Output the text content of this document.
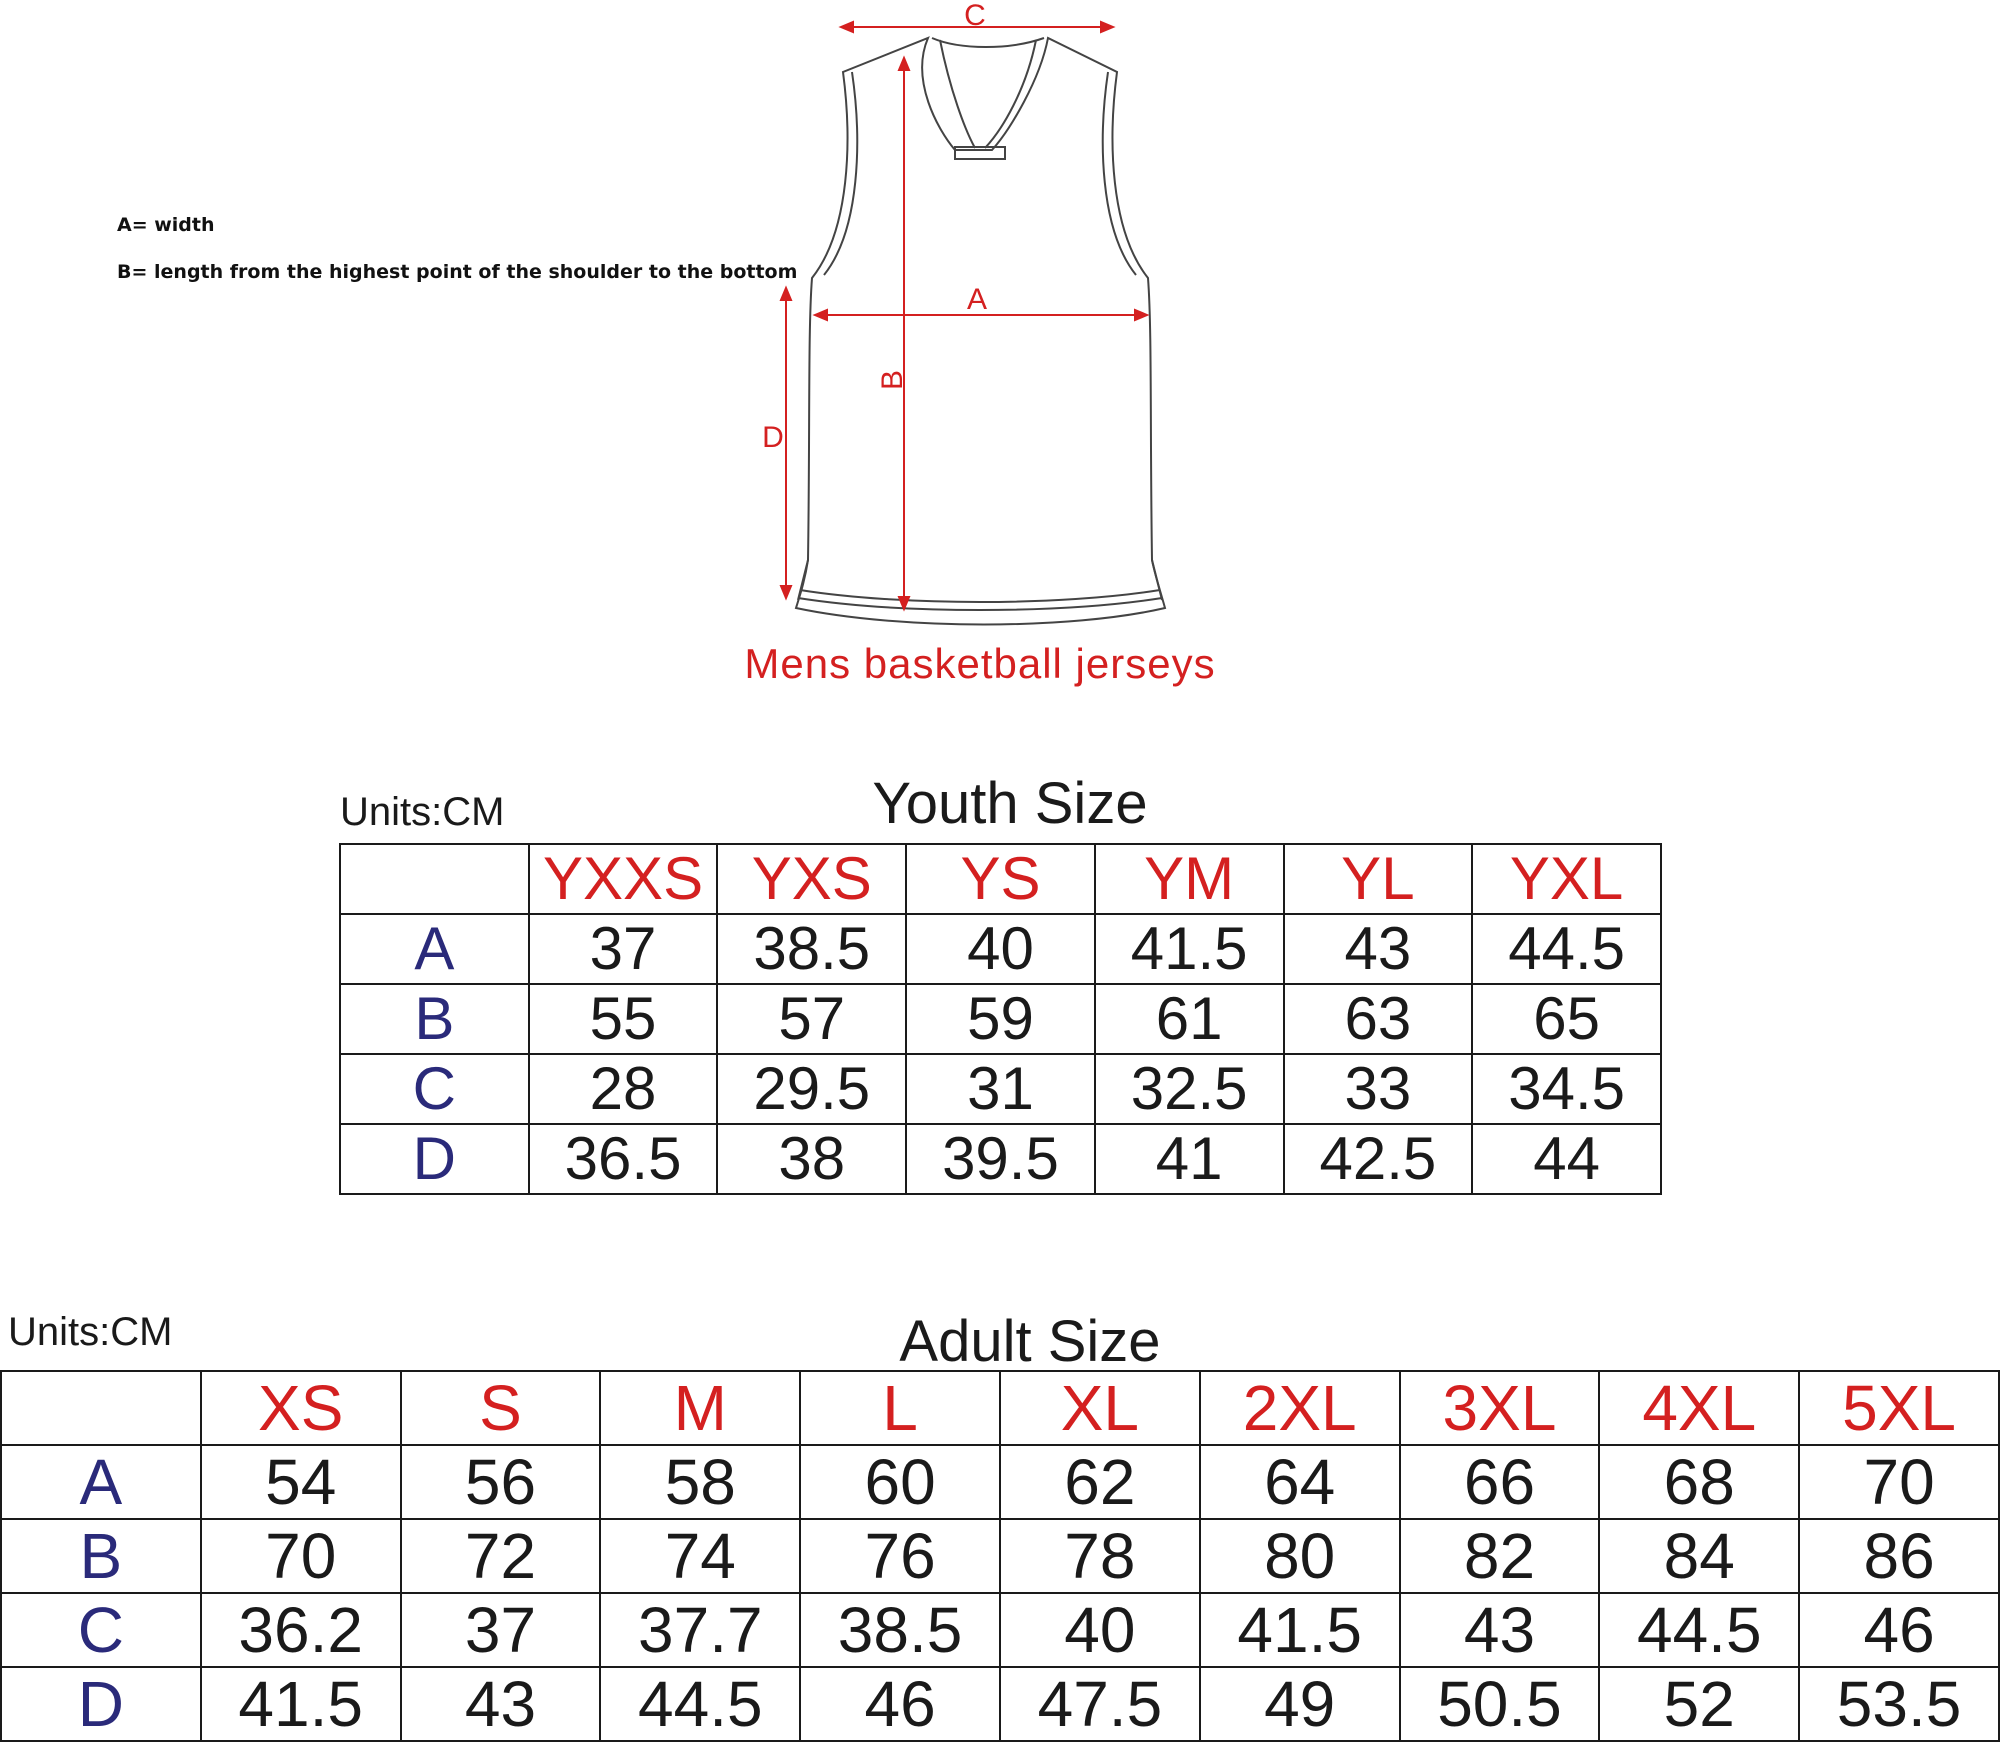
A= width
B= length from the highest point of the shoulder to the bottom
C
A
B
D
Mens basketball jerseys
Units:CM	Youth Size
	YXXS	YXS	YS	YM	YL	YXL
A	37	38.5	40	41.5	43	44.5
B	55	57	59	61	63	65
C	28	29.5	31	32.5	33	34.5
D	36.5	38	39.5	41	42.5	44
Units:CM	Adult Size
	XS	S	M	L	XL	2XL	3XL	4XL	5XL
A	54	56	58	60	62	64	66	68	70
B	70	72	74	76	78	80	82	84	86
C	36.2	37	37.7	38.5	40	41.5	43	44.5	46
D	41.5	43	44.5	46	47.5	49	50.5	52	53.5
